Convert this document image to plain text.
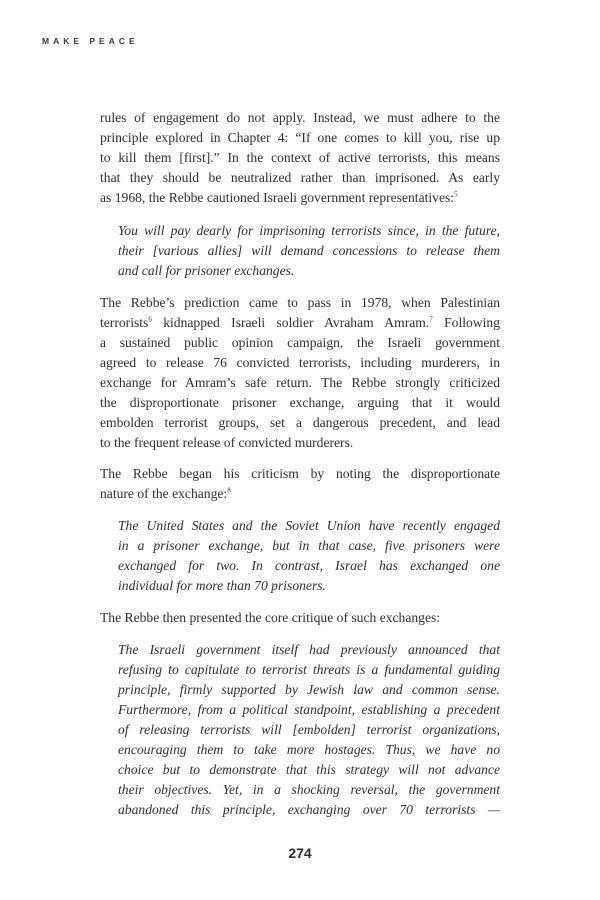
MAKE PEACE

rules of engagement do not apply. Instead, we must adhere to the
principle explored in Chapter 4: “If one comes to kill you, rise up
to kill them [first].” In the context of active terrorists, this means
that they should be neutralized rather than imprisoned. As early
as 1968, the Rebbe cautioned Israeli government representatives:$^5$

You will pay dearly for imprisoning terrorists since, in the future,
their [various allies] will demand concessions to release them
and call for prisoner exchanges.

The Rebbe’s prediction came to pass in 1978, when Palestinian
terrorists$^6$ kidnapped Israeli soldier Avraham Amram.$^7$ Following
a sustained public opinion campaign, the Israeli government
agreed to release 76 convicted terrorists, including murderers, in
exchange for Amram’s safe return. The Rebbe strongly criticized
the disproportionate prisoner exchange, arguing that it would
embolden terrorist groups, set a dangerous precedent, and lead
to the frequent release of convicted murderers.

The Rebbe began his criticism by noting the disproportionate
nature of the exchange:$^8$

The United States and the Soviet Union have recently engaged
in a prisoner exchange, but in that case, five prisoners were
exchanged for two. In contrast, Israel has exchanged one
individual for more than 70 prisoners.

The Rebbe then presented the core critique of such exchanges:

The Israeli government itself had previously announced that
refusing to capitulate to terrorist threats is a fundamental guiding
principle, firmly supported by Jewish law and common sense.
Furthermore, from a political standpoint, establishing a precedent
of releasing terrorists will [embolden] terrorist organizations,
encouraging them to take more hostages. Thus, we have no
choice but to demonstrate that this strategy will not advance
their objectives. Yet, in a shocking reversal, the government
abandoned this principle, exchanging over 70 terrorists —

274
